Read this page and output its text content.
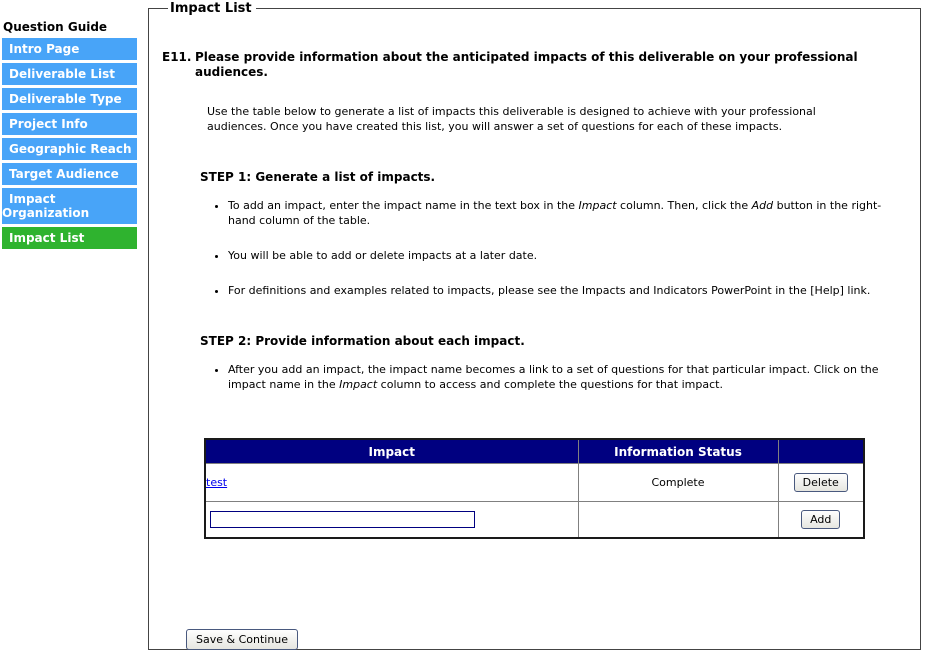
Question Guide
Intro Page
Deliverable List
Deliverable Type
Project Info
Geographic Reach
Target Audience
Impact Organization
Impact List
Impact List
E11. Please provide information about the anticipated impacts of this deliverable on your professional audiences.
Use the table below to generate a list of impacts this deliverable is designed to achieve with your professional audiences. Once you have created this list, you will answer a set of questions for each of these impacts.
STEP 1: Generate a list of impacts.
• To add an impact, enter the impact name in the text box in the Impact column. Then, click the Add button in the right-hand column of the table.
• You will be able to add or delete impacts at a later date.
• For definitions and examples related to impacts, please see the Impacts and Indicators PowerPoint in the [Help] link.
STEP 2: Provide information about each impact.
• After you add an impact, the impact name becomes a link to a set of questions for that particular impact. Click on the impact name in the Impact column to access and complete the questions for that impact.
Impact	Information Status	
test	Complete	Delete
		Add
Save & Continue
